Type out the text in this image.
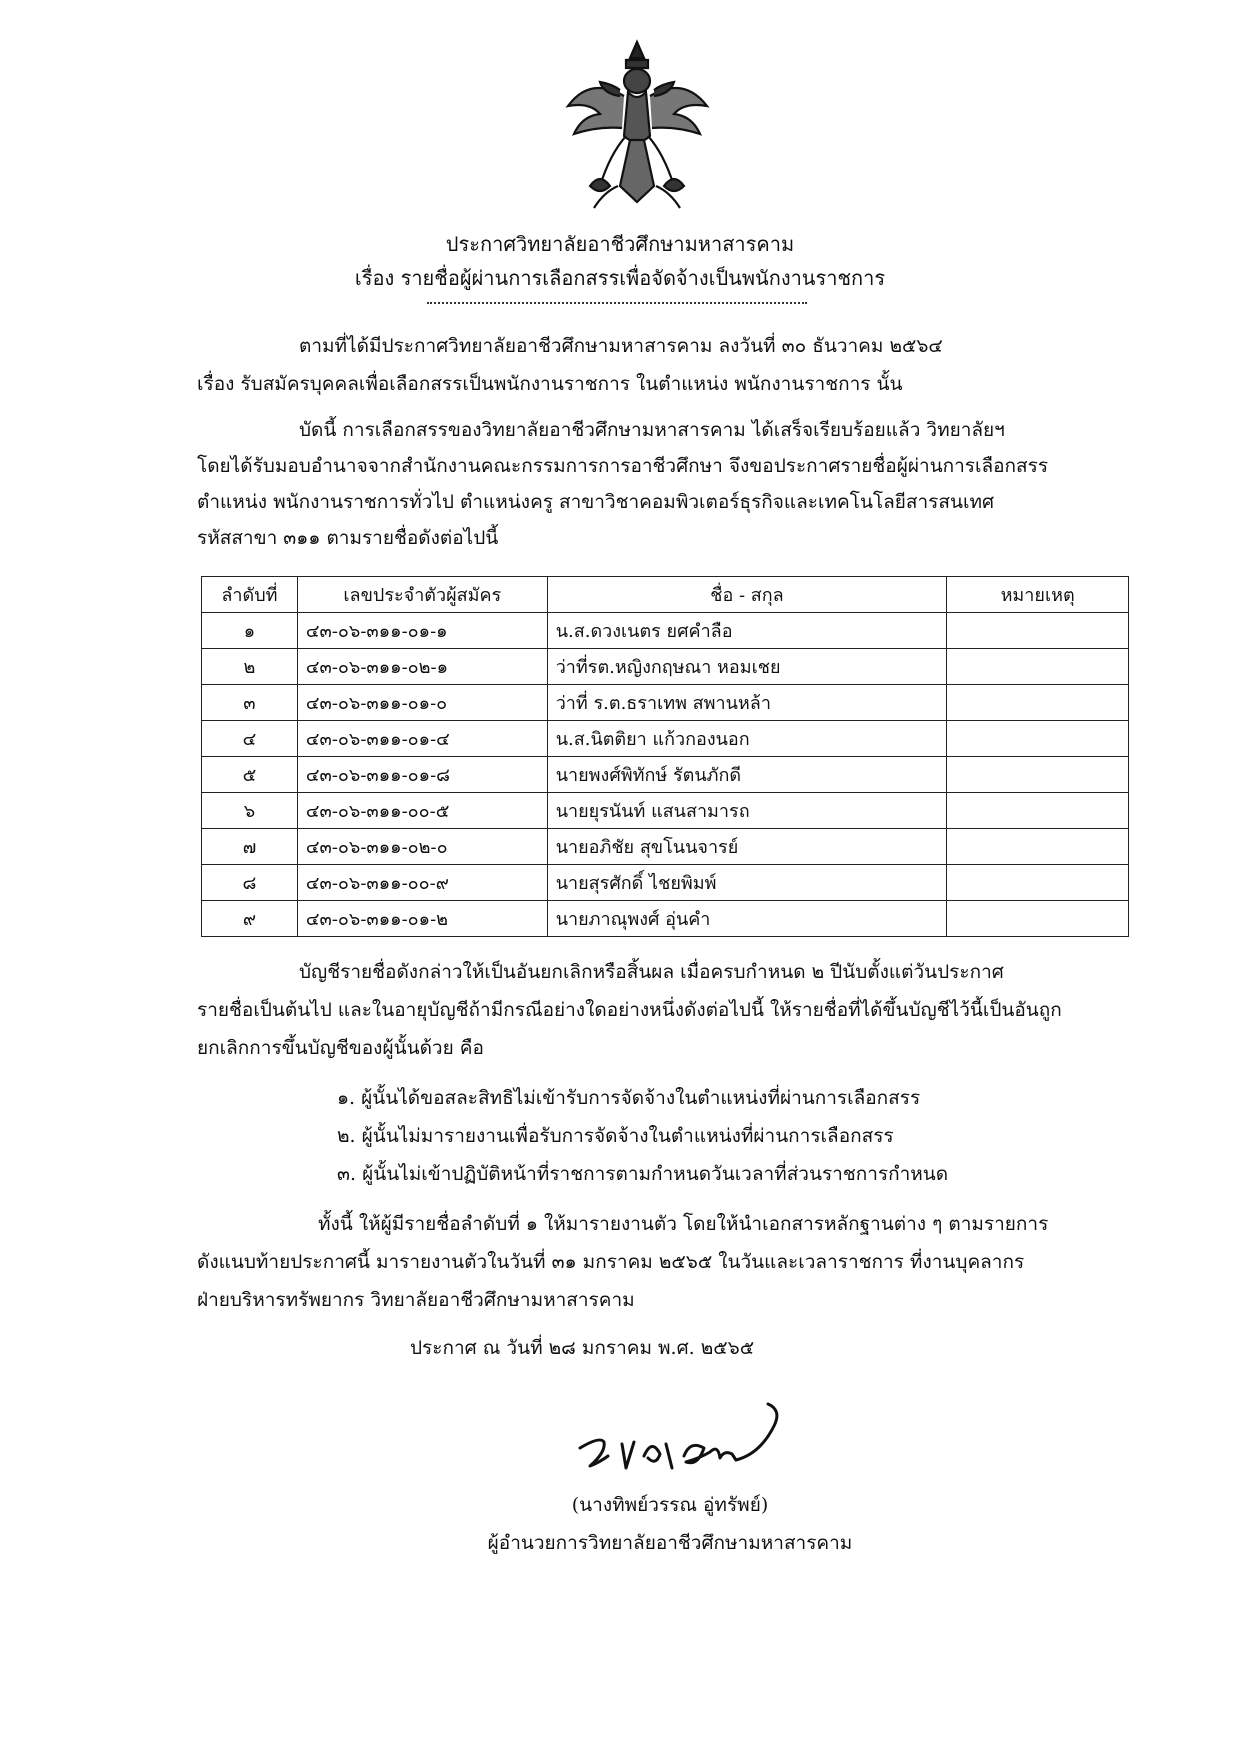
ประกาศวิทยาลัยอาชีวศึกษามหาสารคาม
เรื่อง รายชื่อผู้ผ่านการเลือกสรรเพื่อจัดจ้างเป็นพนักงานราชการ
ตามที่ได้มีประกาศวิทยาลัยอาชีวศึกษามหาสารคาม ลงวันที่ ๓๐ ธันวาคม ๒๕๖๔
เรื่อง รับสมัครบุคคลเพื่อเลือกสรรเป็นพนักงานราชการ ในตำแหน่ง พนักงานราชการ นั้น
บัดนี้ การเลือกสรรของวิทยาลัยอาชีวศึกษามหาสารคาม ได้เสร็จเรียบร้อยแล้ว วิทยาลัยฯ
โดยได้รับมอบอำนาจจากสำนักงานคณะกรรมการการอาชีวศึกษา จึงขอประกาศรายชื่อผู้ผ่านการเลือกสรร
ตำแหน่ง พนักงานราชการทั่วไป ตำแหน่งครู สาขาวิชาคอมพิวเตอร์ธุรกิจและเทคโนโลยีสารสนเทศ
รหัสสาขา ๓๑๑ ตามรายชื่อดังต่อไปนี้
ลำดับที่	เลขประจำตัวผู้สมัคร	ชื่อ - สกุล	หมายเหตุ
๑	๔๓-๐๖-๓๑๑-๐๑-๑	น.ส.ดวงเนตร ยศคำลือ	
๒	๔๓-๐๖-๓๑๑-๐๒-๑	ว่าที่รต.หญิงกฤษณา หอมเชย	
๓	๔๓-๐๖-๓๑๑-๐๑-๐	ว่าที่ ร.ต.ธราเทพ สพานหล้า	
๔	๔๓-๐๖-๓๑๑-๐๑-๔	น.ส.นิตติยา แก้วกองนอก	
๕	๔๓-๐๖-๓๑๑-๐๑-๘	นายพงศ์พิทักษ์ รัตนภักดี	
๖	๔๓-๐๖-๓๑๑-๐๐-๕	นายยุรนันท์ แสนสามารถ	
๗	๔๓-๐๖-๓๑๑-๐๒-๐	นายอภิชัย สุขโนนจารย์	
๘	๔๓-๐๖-๓๑๑-๐๐-๙	นายสุรศักดิ์ ไชยพิมพ์	
๙	๔๓-๐๖-๓๑๑-๐๑-๒	นายภาณุพงศ์ อุ่นคำ	
บัญชีรายชื่อดังกล่าวให้เป็นอันยกเลิกหรือสิ้นผล เมื่อครบกำหนด ๒ ปีนับตั้งแต่วันประกาศ
รายชื่อเป็นต้นไป และในอายุบัญชีถ้ามีกรณีอย่างใดอย่างหนึ่งดังต่อไปนี้ ให้รายชื่อที่ได้ขึ้นบัญชีไว้นี้เป็นอันถูก
ยกเลิกการขึ้นบัญชีของผู้นั้นด้วย คือ
๑. ผู้นั้นได้ขอสละสิทธิไม่เข้ารับการจัดจ้างในตำแหน่งที่ผ่านการเลือกสรร
๒. ผู้นั้นไม่มารายงานเพื่อรับการจัดจ้างในตำแหน่งที่ผ่านการเลือกสรร
๓. ผู้นั้นไม่เข้าปฏิบัติหน้าที่ราชการตามกำหนดวันเวลาที่ส่วนราชการกำหนด
ทั้งนี้ ให้ผู้มีรายชื่อลำดับที่ ๑ ให้มารายงานตัว โดยให้นำเอกสารหลักฐานต่าง ๆ ตามรายการ
ดังแนบท้ายประกาศนี้ มารายงานตัวในวันที่ ๓๑ มกราคม ๒๕๖๕ ในวันและเวลาราชการ ที่งานบุคลากร
ฝ่ายบริหารทรัพยากร วิทยาลัยอาชีวศึกษามหาสารคาม
ประกาศ ณ วันที่ ๒๘ มกราคม พ.ศ. ๒๕๖๕
(นางทิพย์วรรณ อู่ทรัพย์)
ผู้อำนวยการวิทยาลัยอาชีวศึกษามหาสารคาม
